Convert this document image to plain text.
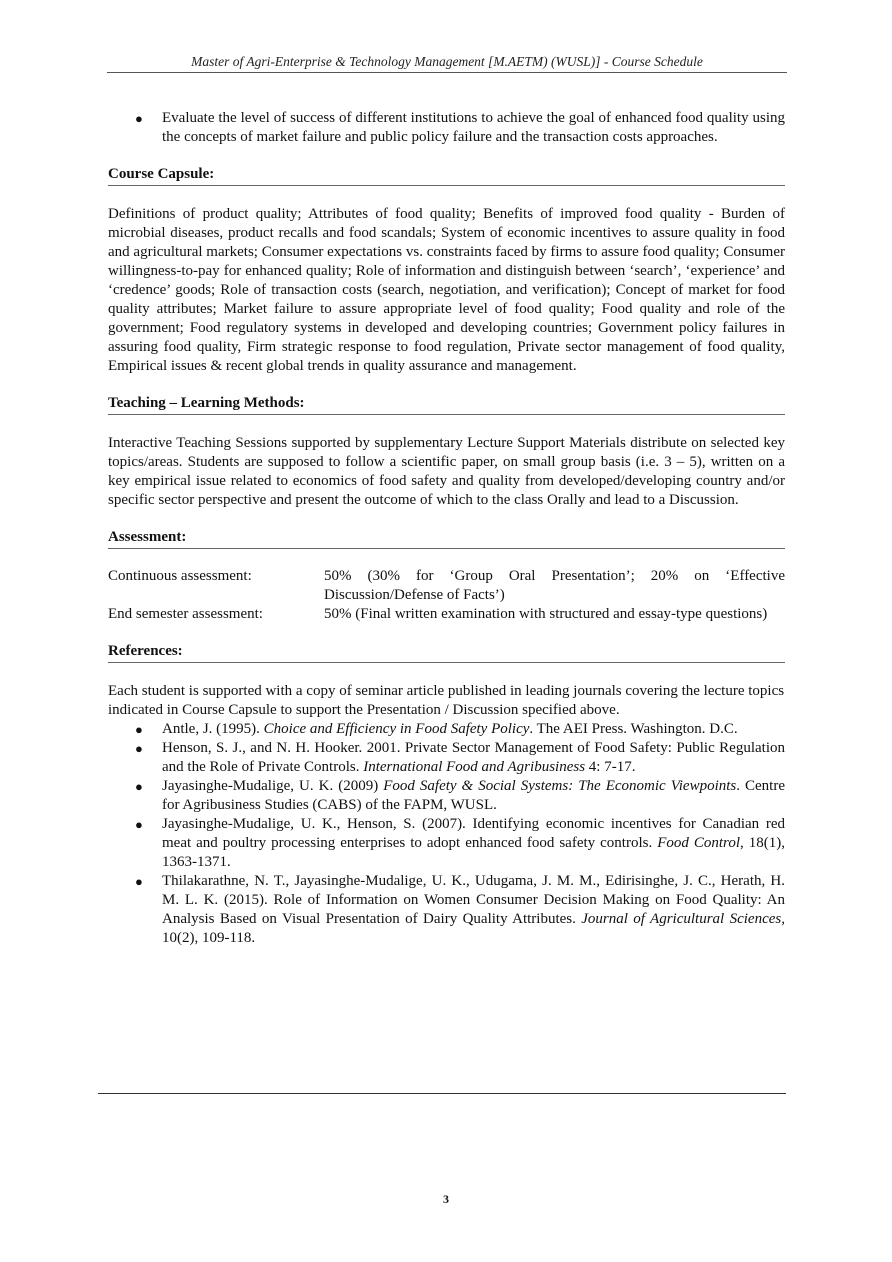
Master of Agri-Enterprise & Technology Management [M.AETM) (WUSL)] - Course Schedule
● Evaluate the level of success of different institutions to achieve the goal of enhanced food quality using the concepts of market failure and public policy failure and the transaction costs approaches.
Course Capsule:
Definitions of product quality; Attributes of food quality; Benefits of improved food quality - Burden of microbial diseases, product recalls and food scandals; System of economic incentives to assure quality in food and agricultural markets; Consumer expectations vs. constraints faced by firms to assure food quality; Consumer willingness-to-pay for enhanced quality; Role of information and distinguish between ‘search’, ‘experience’ and ‘credence’ goods; Role of transaction costs (search, negotiation, and verification); Concept of market for food quality attributes; Market failure to assure appropriate level of food quality; Food quality and role of the government; Food regulatory systems in developed and developing countries; Government policy failures in assuring food quality, Firm strategic response to food regulation, Private sector management of food quality, Empirical issues & recent global trends in quality assurance and management.
Teaching – Learning Methods:
Interactive Teaching Sessions supported by supplementary Lecture Support Materials distribute on selected key topics/areas. Students are supposed to follow a scientific paper, on small group basis (i.e. 3 – 5), written on a key empirical issue related to economics of food safety and quality from developed/developing country and/or specific sector perspective and present the outcome of which to the class Orally and lead to a Discussion.
Assessment:
Continuous assessment:	50% (30% for ‘Group Oral Presentation’; 20% on ‘Effective Discussion/Defense of Facts’)
End semester assessment:	50% (Final written examination with structured and essay-type questions)
References:
Each student is supported with a copy of seminar article published in leading journals covering the lecture topics indicated in Course Capsule to support the Presentation / Discussion specified above.
● Antle, J. (1995). Choice and Efficiency in Food Safety Policy. The AEI Press. Washington. D.C.
● Henson, S. J., and N. H. Hooker. 2001. Private Sector Management of Food Safety: Public Regulation and the Role of Private Controls. International Food and Agribusiness 4: 7-17.
● Jayasinghe-Mudalige, U. K. (2009) Food Safety & Social Systems: The Economic Viewpoints. Centre for Agribusiness Studies (CABS) of the FAPM, WUSL.
● Jayasinghe-Mudalige, U. K., Henson, S. (2007). Identifying economic incentives for Canadian red meat and poultry processing enterprises to adopt enhanced food safety controls. Food Control, 18(1), 1363-1371.
● Thilakarathne, N. T., Jayasinghe-Mudalige, U. K., Udugama, J. M. M., Edirisinghe, J. C., Herath, H. M. L. K. (2015). Role of Information on Women Consumer Decision Making on Food Quality: An Analysis Based on Visual Presentation of Dairy Quality Attributes. Journal of Agricultural Sciences, 10(2), 109-118.
3
